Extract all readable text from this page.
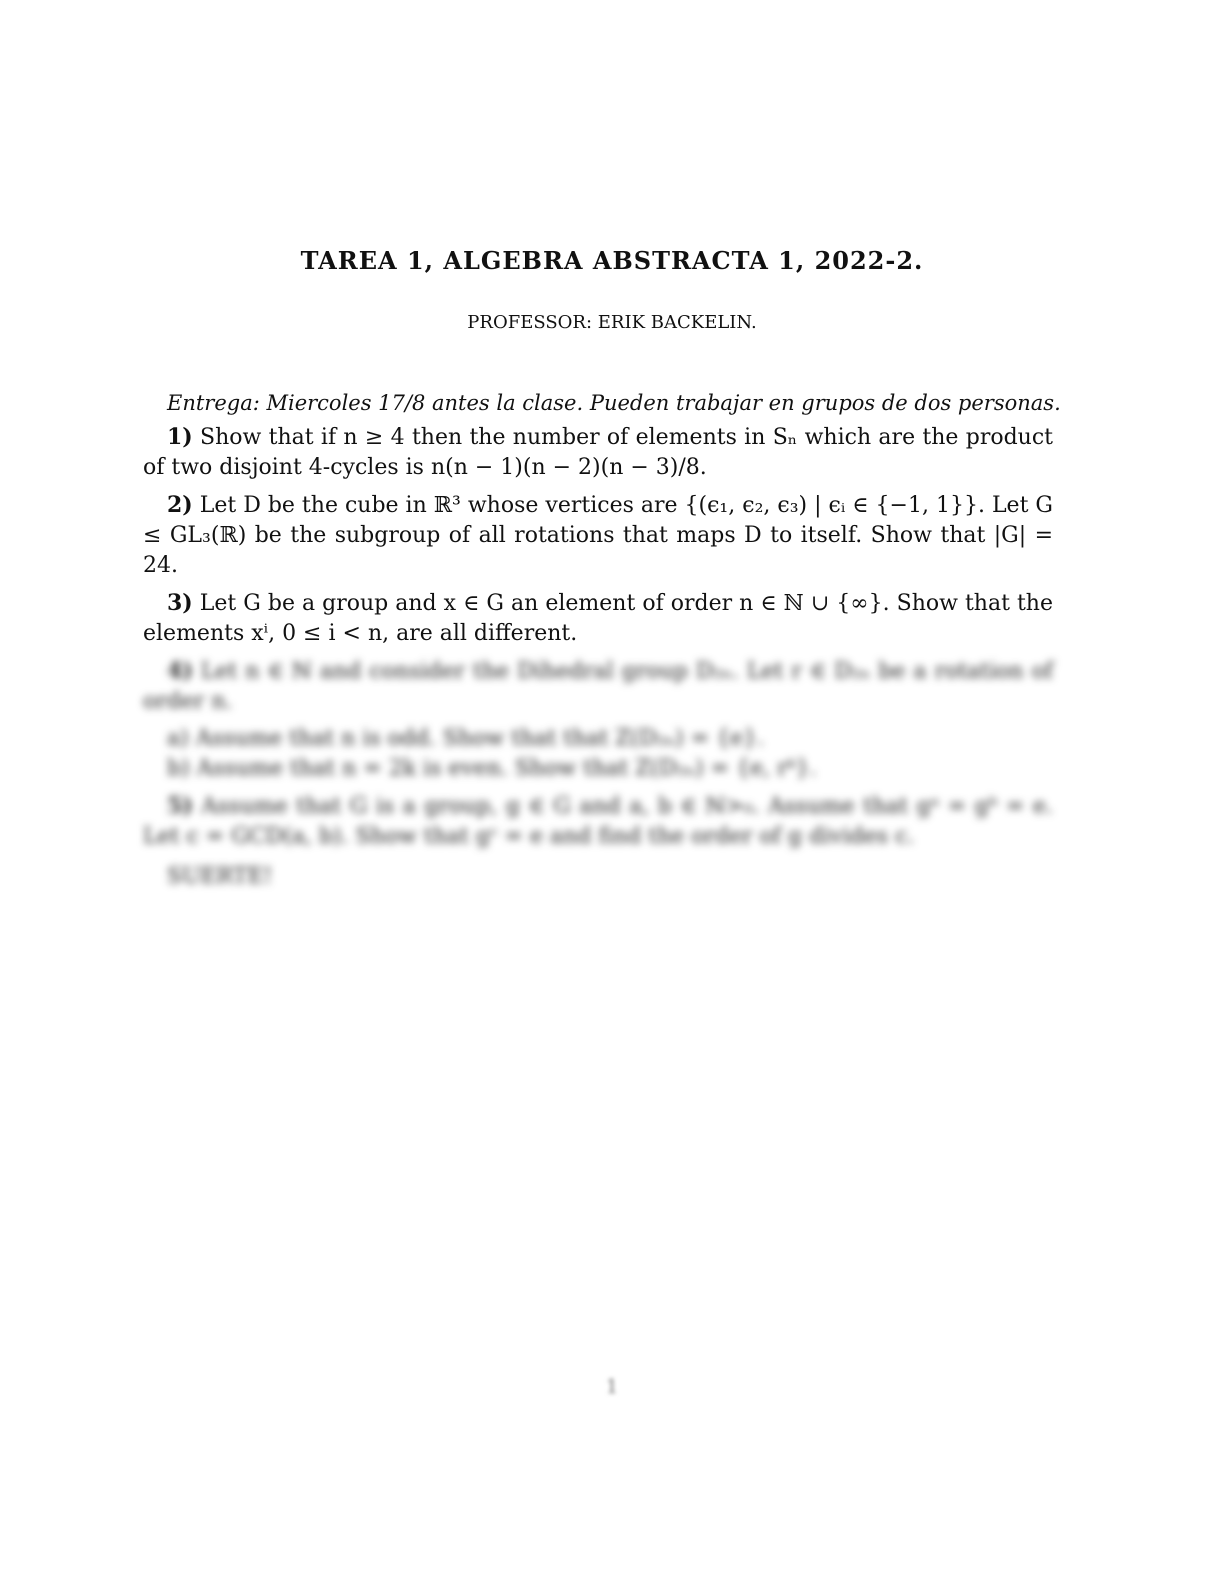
TAREA 1, ALGEBRA ABSTRACTA 1, 2022-2.
PROFESSOR: ERIK BACKELIN.

Entrega: Miercoles 17/8 antes la clase. Pueden trabajar en grupos de dos personas.

1) Show that if n ≥ 4 then the number of elements in Sₙ which are the product of two disjoint 4-cycles is n(n − 1)(n − 2)(n − 3)/8.

2) Let D be the cube in ℝ³ whose vertices are {(ϵ₁, ϵ₂, ϵ₃) | ϵᵢ ∈ {−1, 1}}. Let G ≤ GL₃(ℝ) be the subgroup of all rotations that maps D to itself. Show that |G| = 24.

3) Let G be a group and x ∈ G an element of order n ∈ ℕ ∪ {∞}. Show that the elements xⁱ, 0 ≤ i < n, are all different.

4) Let n ∈ ℕ and consider the Dihedral group D₂ₙ. Let r ∈ D₂ₙ be a rotation of order n.

a) Assume that n is odd. Show that that Z(D₂ₙ) = {e}.

b) Assume that n = 2k is even. Show that Z(D₂ₙ) = {e, rᵏ}.

5) Assume that G is a group, g ∈ G and a, b ∈ ℕ>₀. Assume that gᵃ = gᵇ = e. Let c = GCD(a, b). Show that gᶜ = e and find the order of g divides c.

SUERTE!

1
